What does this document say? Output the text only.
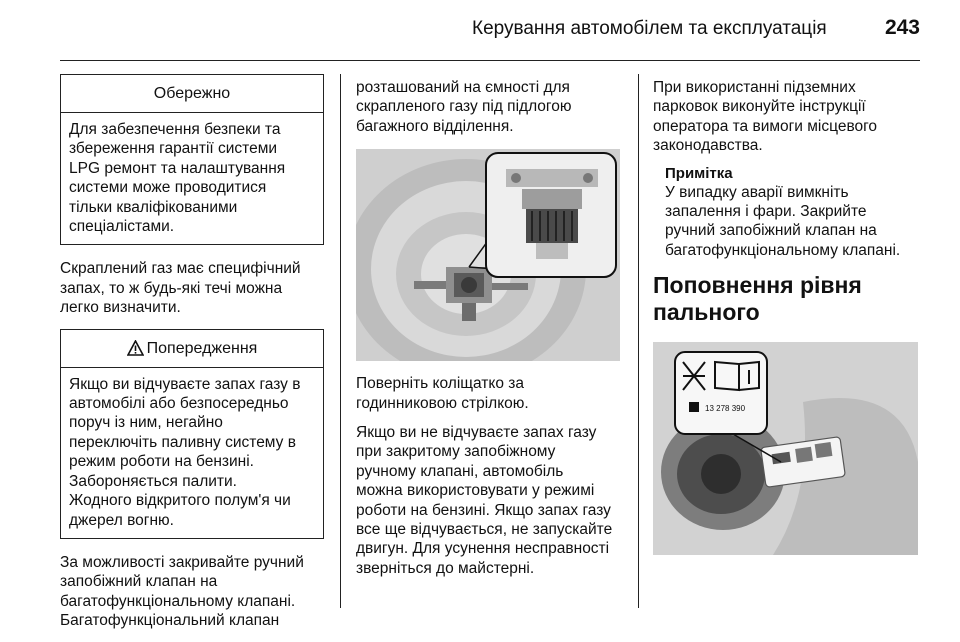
Керування автомобілем та експлуатація	243
Обережно
Для забезпечення безпеки та
збереження гарантії системи
LPG ремонт та налаштування
системи може проводитися
тільки кваліфікованими
спеціалістами.

Скраплений газ має специфічний
запах, то ж будь-які течі можна
легко визначити.

Попередження
Якщо ви відчуваєте запах газу в
автомобілі або безпосередньо
поруч із ним, негайно
переключіть паливну систему в
режим роботи на бензині.
Забороняється палити.
Жодного відкритого полум'я чи
джерел вогню.

За можливості закривайте ручний
запобіжний клапан на
багатофункціональному клапані.
Багатофункціональний клапан

розташований на ємності для
скрапленого газу під підлогою
багажного відділення.

Поверніть коліщатко за
годинниковою стрілкою.

Якщо ви не відчуваєте запах газу
при закритому запобіжному
ручному клапані, автомобіль
можна використовувати у режимі
роботи на бензині. Якщо запах газу
все ще відчувається, не запускайте
двигун. Для усунення несправності
зверніться до майстерні.

При використанні підземних
парковок виконуйте інструкції
оператора та вимоги місцевого
законодавства.

Примітка

У випадку аварії вимкніть
запалення і фари. Закрийте
ручний запобіжний клапан на
багатофункціональному клапані.

Поповнення рівня
пального
13 278 390
